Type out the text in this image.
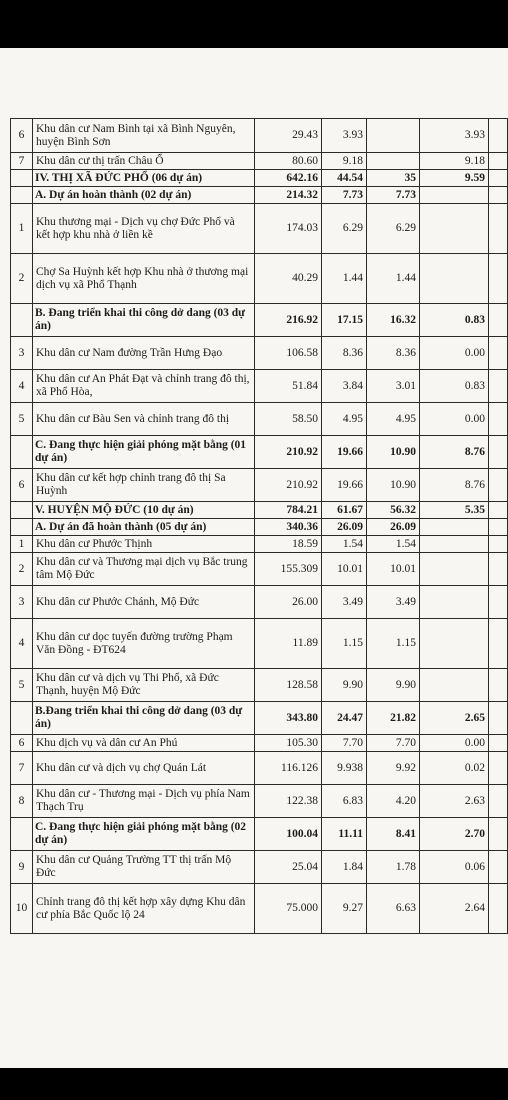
6	Khu dân cư Nam Bình tại xã Bình Nguyên, huyện Bình Sơn	29.43	3.93		3.93	
7	Khu dân cư thị trấn Châu Ổ	80.60	9.18		9.18	
	IV. THỊ XÃ ĐỨC PHỔ (06 dự án)	642.16	44.54	35	9.59	
	A. Dự án hoàn thành (02 dự án)	214.32	7.73	7.73		
1	Khu thương mại - Dịch vụ chợ Đức Phổ và kết hợp khu nhà ở liền kề	174.03	6.29	6.29		
2	Chợ Sa Huỳnh kết hợp Khu nhà ở thương mại dịch vụ xã Phổ Thạnh	40.29	1.44	1.44		
	B. Đang triển khai thi công dở dang (03 dự án)	216.92	17.15	16.32	0.83	
3	Khu dân cư Nam đường Trần Hưng Đạo	106.58	8.36	8.36	0.00	
4	Khu dân cư An Phát Đạt và chỉnh trang đô thị, xã Phổ Hòa,	51.84	3.84	3.01	0.83	
5	Khu dân cư Bàu Sen và chỉnh trang đô thị	58.50	4.95	4.95	0.00	
	C. Đang thực hiện giải phóng mặt bằng (01 dự án)	210.92	19.66	10.90	8.76	
6	Khu dân cư kết hợp chỉnh trang đô thị Sa Huỳnh	210.92	19.66	10.90	8.76	
	V. HUYỆN MỘ ĐỨC (10 dự án)	784.21	61.67	56.32	5.35	
	A. Dự án đã hoàn thành (05 dự án)	340.36	26.09	26.09		
1	Khu dân cư Phước Thịnh	18.59	1.54	1.54		
2	Khu dân cư và Thương mại dịch vụ Bắc trung tâm Mộ Đức	155.309	10.01	10.01		
3	Khu dân cư Phước Chánh, Mộ Đức	26.00	3.49	3.49		
4	Khu dân cư dọc tuyến đường trường Phạm Văn Đồng - ĐT624	11.89	1.15	1.15		
5	Khu dân cư và dịch vụ Thi Phổ, xã Đức Thạnh, huyện Mộ Đức	128.58	9.90	9.90		
	B.Đang triển khai thi công dở dang (03 dự án)	343.80	24.47	21.82	2.65	
6	Khu dịch vụ và dân cư An Phú	105.30	7.70	7.70	0.00	
7	Khu dân cư và dịch vụ chợ Quán Lát	116.126	9.938	9.92	0.02	
8	Khu dân cư - Thương mại - Dịch vụ phía Nam Thạch Trụ	122.38	6.83	4.20	2.63	
	C. Đang thực hiện giải phóng mặt bằng (02 dự án)	100.04	11.11	8.41	2.70	
9	Khu dân cư Quảng Trường TT thị trấn Mộ Đức	25.04	1.84	1.78	0.06	
10	Chỉnh trang đô thị kết hợp xây dựng Khu dân cư phía Bắc Quốc lộ 24	75.000	9.27	6.63	2.64	
